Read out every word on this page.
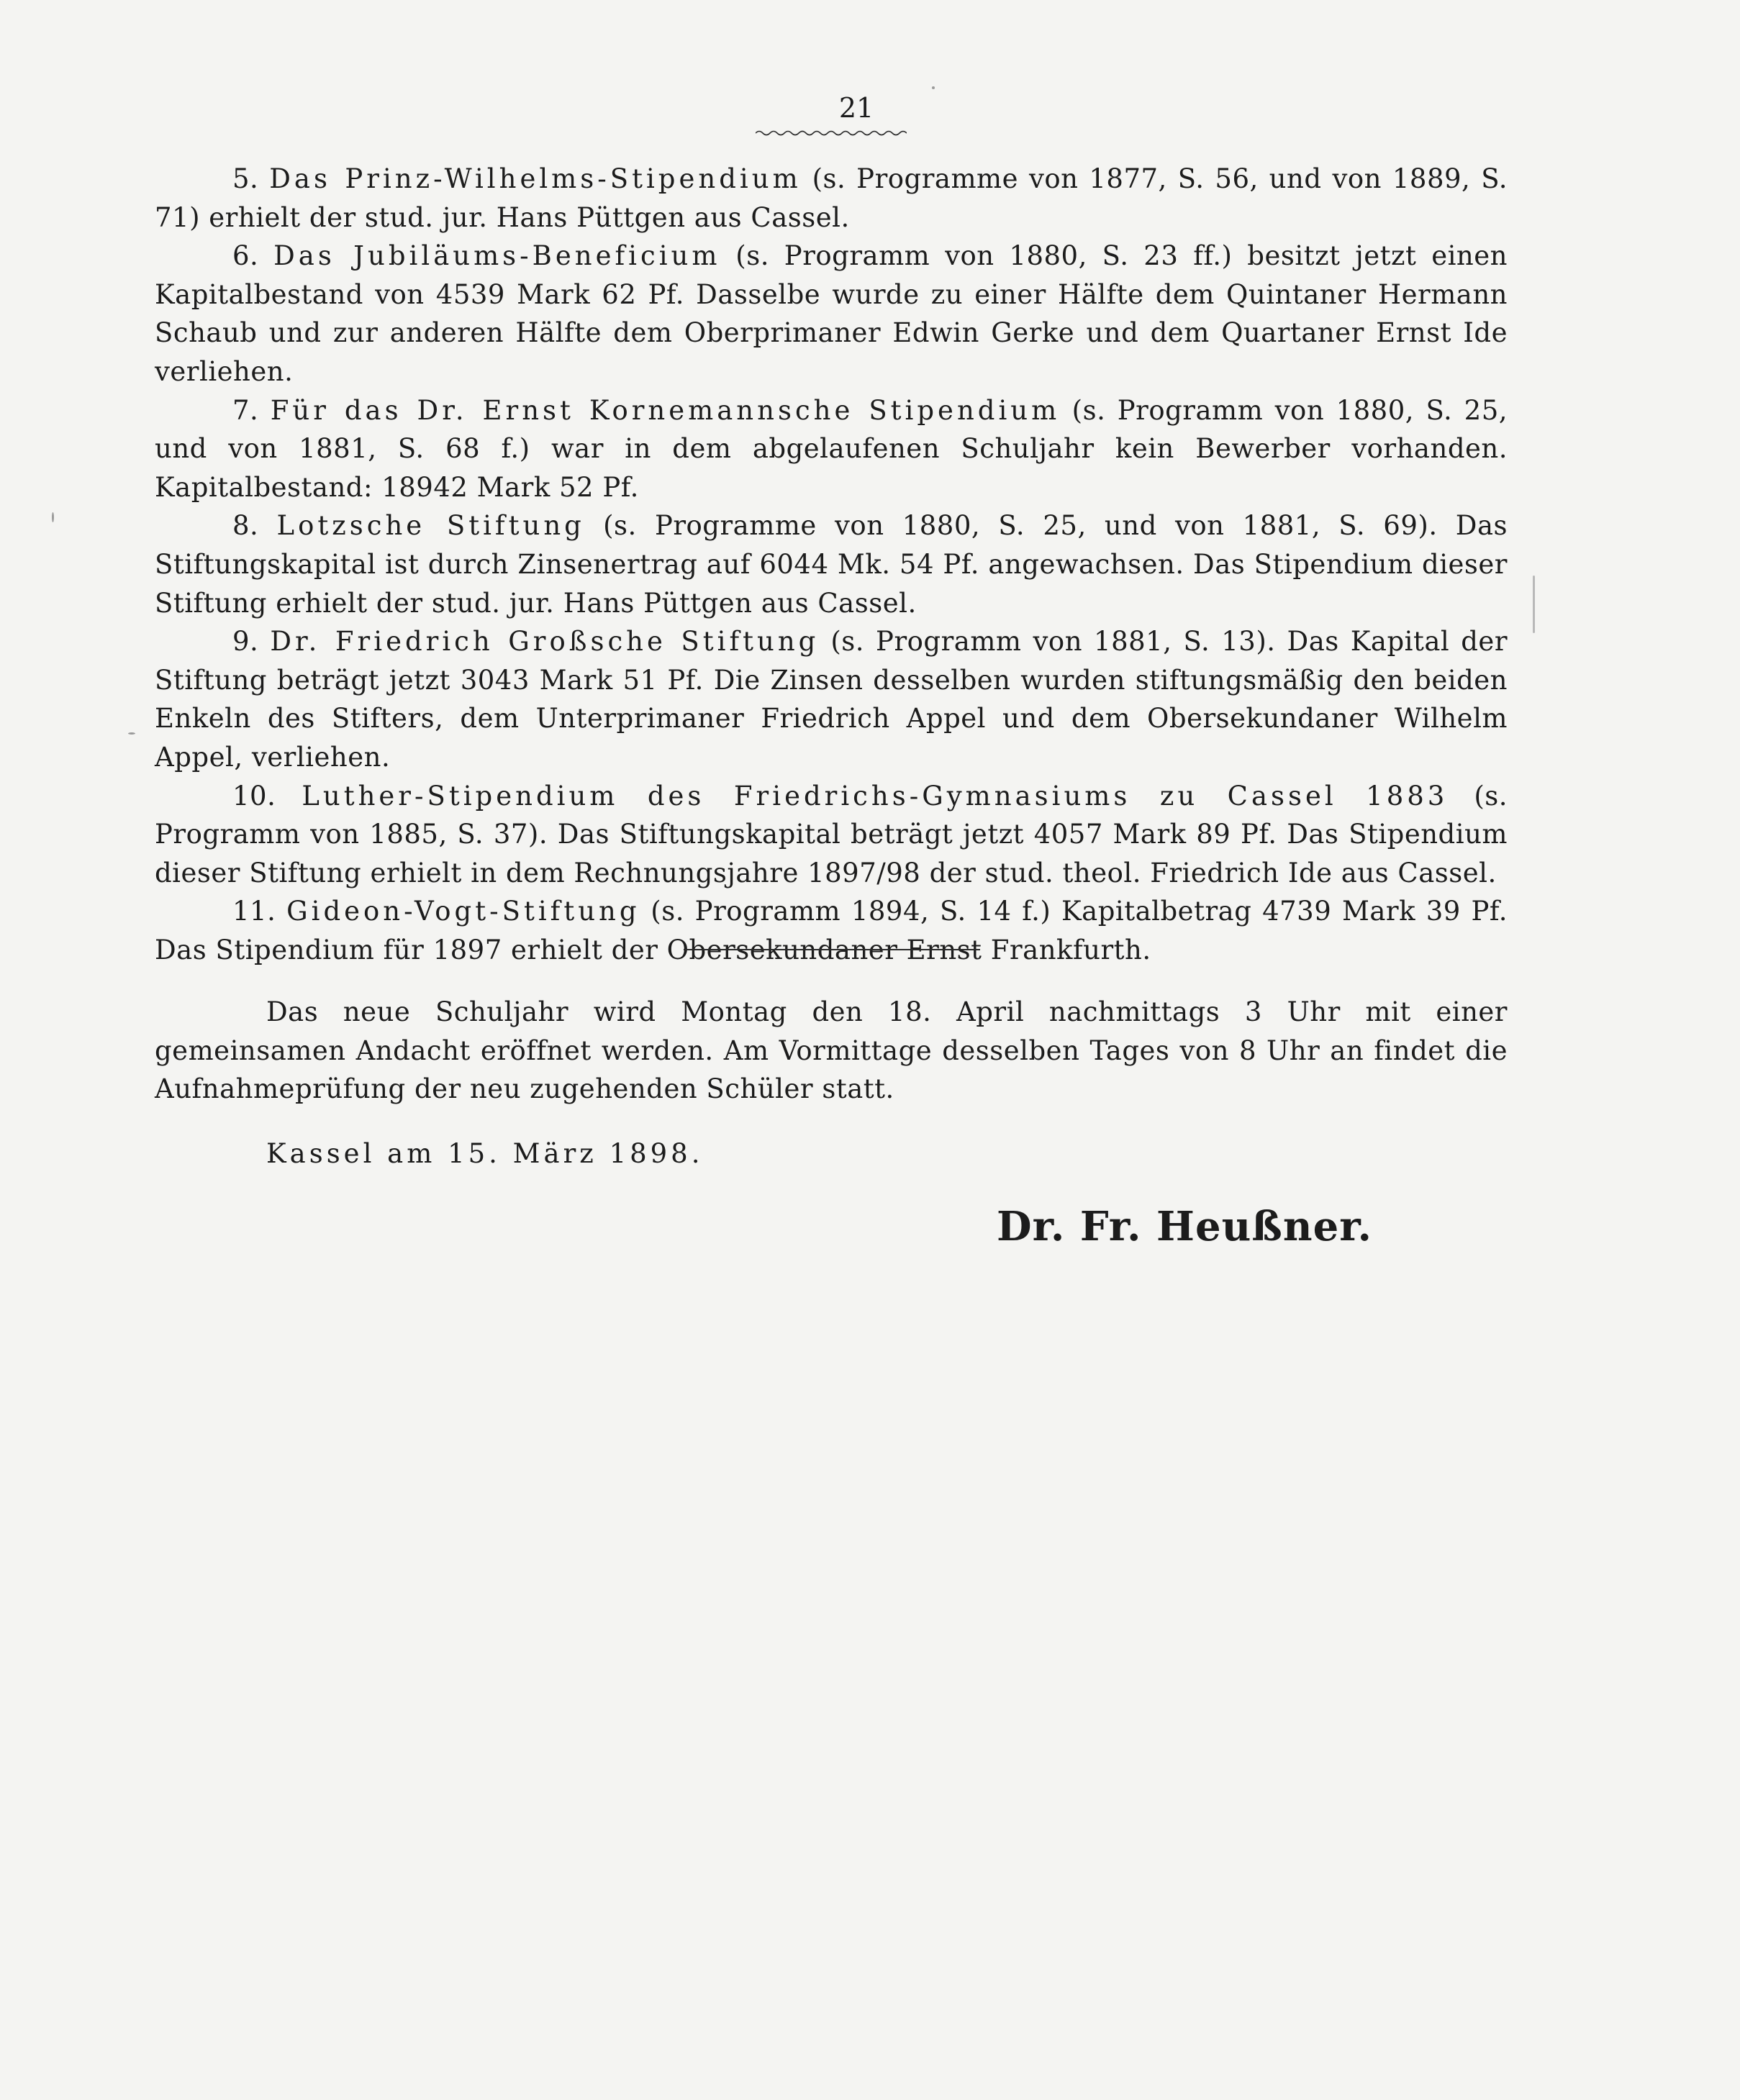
21

5. Das Prinz-Wilhelms-Stipendium (s. Programme von 1877, S. 56, und von 1889, S. 71) erhielt der stud. jur. Hans Püttgen aus Cassel.

6. Das Jubiläums-Beneficium (s. Programm von 1880, S. 23 ff.) besitzt jetzt einen Kapitalbestand von 4539 Mark 62 Pf. Dasselbe wurde zu einer Hälfte dem Quintaner Hermann Schaub und zur anderen Hälfte dem Oberprimaner Edwin Gerke und dem Quartaner Ernst Ide verliehen.

7. Für das Dr. Ernst Kornemannsche Stipendium (s. Programm von 1880, S. 25, und von 1881, S. 68 f.) war in dem abgelaufenen Schuljahr kein Bewerber vorhanden. Kapitalbestand: 18942 Mark 52 Pf.

8. Lotzsche Stiftung (s. Programme von 1880, S. 25, und von 1881, S. 69). Das Stiftungskapital ist durch Zinsenertrag auf 6044 Mk. 54 Pf. angewachsen. Das Stipendium dieser Stiftung erhielt der stud. jur. Hans Püttgen aus Cassel.

9. Dr. Friedrich Großsche Stiftung (s. Programm von 1881, S. 13). Das Kapital der Stiftung beträgt jetzt 3043 Mark 51 Pf. Die Zinsen desselben wurden stiftungsmäßig den beiden Enkeln des Stifters, dem Unterprimaner Friedrich Appel und dem Obersekundaner Wilhelm Appel, verliehen.

10. Luther-Stipendium des Friedrichs-Gymnasiums zu Cassel 1883 (s. Programm von 1885, S. 37). Das Stiftungskapital beträgt jetzt 4057 Mark 89 Pf. Das Stipendium dieser Stiftung erhielt in dem Rechnungsjahre 1897/98 der stud. theol. Friedrich Ide aus Cassel.

11. Gideon-Vogt-Stiftung (s. Programm 1894, S. 14 f.) Kapitalbetrag 4739 Mark 39 Pf. Das Stipendium für 1897 erhielt der Obersekundaner Ernst Frankfurth.

Das neue Schuljahr wird Montag den 18. April nachmittags 3 Uhr mit einer gemeinsamen Andacht eröffnet werden. Am Vormittage desselben Tages von 8 Uhr an findet die Aufnahmeprüfung der neu zugehenden Schüler statt.

Kassel am 15. März 1898.

Dr. Fr. Heußner.
